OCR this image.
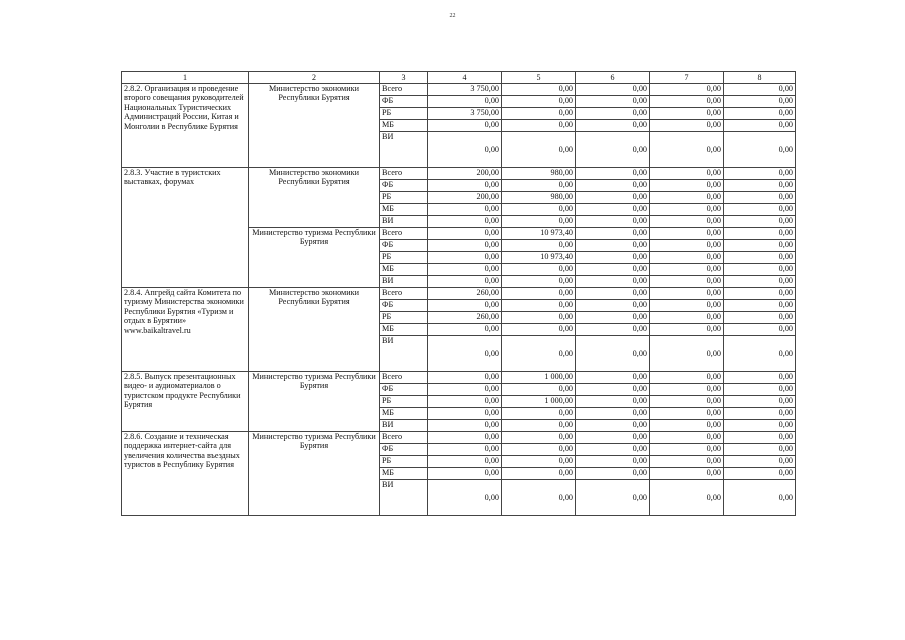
22
1	2	3	4	5	6	7	8
2.8.2. Организация и проведение второго совещания руководителей Национальных Туристических Администраций России, Китая и Монголии в Республике Бурятия	Министерство экономики Республики Бурятия	Всего	3 750,00	0,00	0,00	0,00	0,00
		ФБ	0,00	0,00	0,00	0,00	0,00
		РБ	3 750,00	0,00	0,00	0,00	0,00
		МБ	0,00	0,00	0,00	0,00	0,00
		ВИ	0,00	0,00	0,00	0,00	0,00
2.8.3. Участие в туристских выставках, форумах	Министерство экономики Республики Бурятия	Всего	200,00	980,00	0,00	0,00	0,00
		ФБ	0,00	0,00	0,00	0,00	0,00
		РБ	200,00	980,00	0,00	0,00	0,00
		МБ	0,00	0,00	0,00	0,00	0,00
		ВИ	0,00	0,00	0,00	0,00	0,00
	Министерство туризма Республики Бурятия	Всего	0,00	10 973,40	0,00	0,00	0,00
		ФБ	0,00	0,00	0,00	0,00	0,00
		РБ	0,00	10 973,40	0,00	0,00	0,00
		МБ	0,00	0,00	0,00	0,00	0,00
		ВИ	0,00	0,00	0,00	0,00	0,00
2.8.4. Апгрейд сайта Комитета по туризму Министерства экономики Республики Бурятия «Туризм и отдых в Бурятии» www.baikaltravel.ru	Министерство экономики Республики Бурятия	Всего	260,00	0,00	0,00	0,00	0,00
		ФБ	0,00	0,00	0,00	0,00	0,00
		РБ	260,00	0,00	0,00	0,00	0,00
		МБ	0,00	0,00	0,00	0,00	0,00
		ВИ	0,00	0,00	0,00	0,00	0,00
2.8.5. Выпуск презентационных видео- и аудиоматериалов о туристском продукте Республики Бурятия	Министерство туризма Республики Бурятия	Всего	0,00	1 000,00	0,00	0,00	0,00
		ФБ	0,00	0,00	0,00	0,00	0,00
		РБ	0,00	1 000,00	0,00	0,00	0,00
		МБ	0,00	0,00	0,00	0,00	0,00
		ВИ	0,00	0,00	0,00	0,00	0,00
2.8.6. Создание и техническая поддержка интернет-сайта для увеличения количества въездных туристов в Республику Бурятия	Министерство туризма Республики Бурятия	Всего	0,00	0,00	0,00	0,00	0,00
		ФБ	0,00	0,00	0,00	0,00	0,00
		РБ	0,00	0,00	0,00	0,00	0,00
		МБ	0,00	0,00	0,00	0,00	0,00
		ВИ	0,00	0,00	0,00	0,00	0,00
